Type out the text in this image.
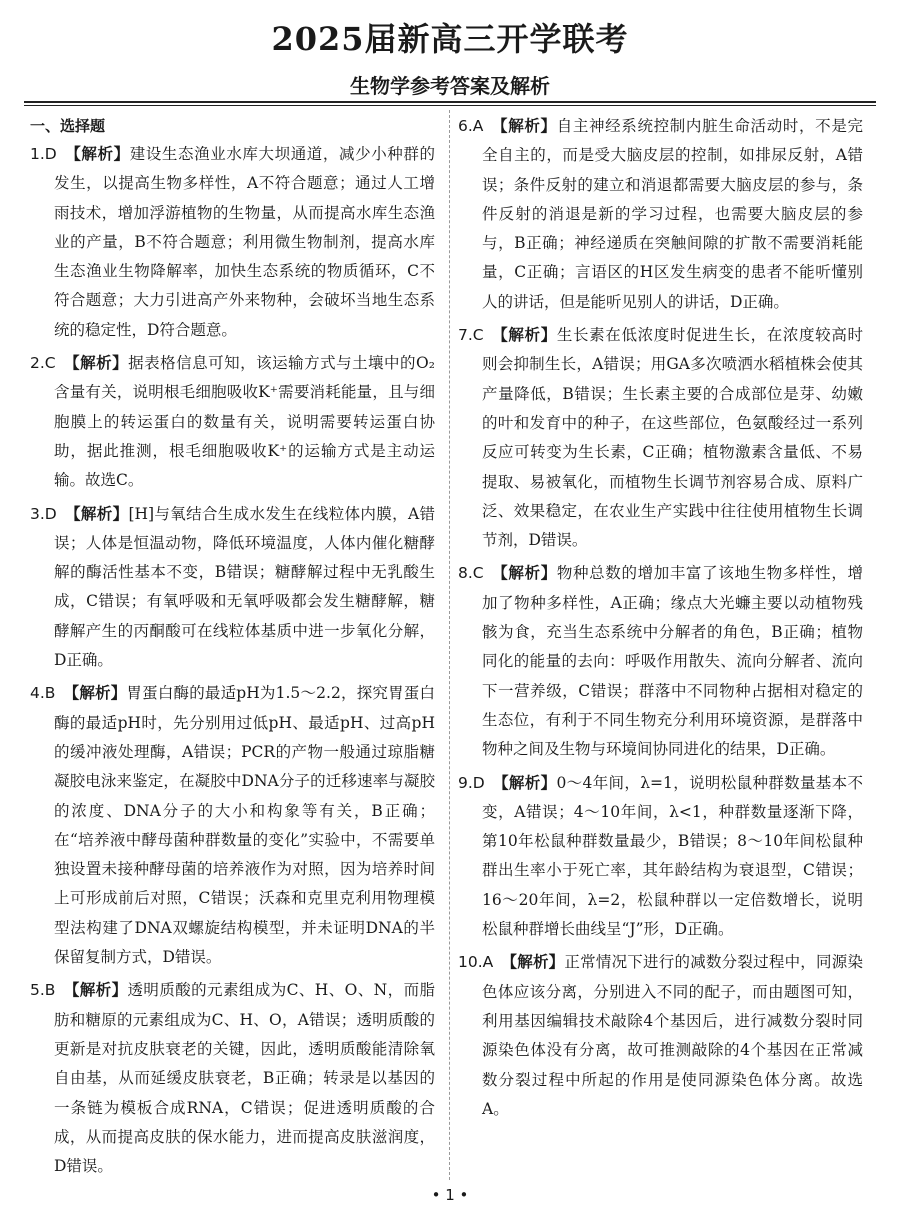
2025届新高三开学联考
生物学参考答案及解析
一、选择题
1.D 【解析】建设生态渔业水库大坝通道，减少小种群的发生，以提高生物多样性，A不符合题意；通过人工增雨技术，增加浮游植物的生物量，从而提高水库生态渔业的产量，B不符合题意；利用微生物制剂，提高水库生态渔业生物降解率，加快生态系统的物质循环，C不符合题意；大力引进高产外来物种，会破坏当地生态系统的稳定性，D符合题意。
2.C 【解析】据表格信息可知，该运输方式与土壤中的O₂含量有关，说明根毛细胞吸收K⁺需要消耗能量，且与细胞膜上的转运蛋白的数量有关，说明需要转运蛋白协助，据此推测，根毛细胞吸收K⁺的运输方式是主动运输。故选C。
3.D 【解析】[H]与氧结合生成水发生在线粒体内膜，A错误；人体是恒温动物，降低环境温度，人体内催化糖酵解的酶活性基本不变，B错误；糖酵解过程中无乳酸生成，C错误；有氧呼吸和无氧呼吸都会发生糖酵解，糖酵解产生的丙酮酸可在线粒体基质中进一步氧化分解，D正确。
4.B 【解析】胃蛋白酶的最适pH为1.5～2.2，探究胃蛋白酶的最适pH时，先分别用过低pH、最适pH、过高pH的缓冲液处理酶，A错误；PCR的产物一般通过琼脂糖凝胶电泳来鉴定，在凝胶中DNA分子的迁移速率与凝胶的浓度、DNA分子的大小和构象等有关，B正确；在“培养液中酵母菌种群数量的变化”实验中，不需要单独设置未接种酵母菌的培养液作为对照，因为培养时间上可形成前后对照，C错误；沃森和克里克利用物理模型法构建了DNA双螺旋结构模型，并未证明DNA的半保留复制方式，D错误。
5.B 【解析】透明质酸的元素组成为C、H、O、N，而脂肪和糖原的元素组成为C、H、O，A错误；透明质酸的更新是对抗皮肤衰老的关键，因此，透明质酸能清除氧自由基，从而延缓皮肤衰老，B正确；转录是以基因的一条链为模板合成RNA，C错误；促进透明质酸的合成，从而提高皮肤的保水能力，进而提高皮肤滋润度，D错误。
6.A 【解析】自主神经系统控制内脏生命活动时，不是完全自主的，而是受大脑皮层的控制，如排尿反射，A错误；条件反射的建立和消退都需要大脑皮层的参与，条件反射的消退是新的学习过程，也需要大脑皮层的参与，B正确；神经递质在突触间隙的扩散不需要消耗能量，C正确；言语区的H区发生病变的患者不能听懂别人的讲话，但是能听见别人的讲话，D正确。
7.C 【解析】生长素在低浓度时促进生长，在浓度较高时则会抑制生长，A错误；用GA多次喷洒水稻植株会使其产量降低，B错误；生长素主要的合成部位是芽、幼嫩的叶和发育中的种子，在这些部位，色氨酸经过一系列反应可转变为生长素，C正确；植物激素含量低、不易提取、易被氧化，而植物生长调节剂容易合成、原料广泛、效果稳定，在农业生产实践中往往使用植物生长调节剂，D错误。
8.C 【解析】物种总数的增加丰富了该地生物多样性，增加了物种多样性，A正确；缘点大光蠊主要以动植物残骸为食，充当生态系统中分解者的角色，B正确；植物同化的能量的去向：呼吸作用散失、流向分解者、流向下一营养级，C错误；群落中不同物种占据相对稳定的生态位，有利于不同生物充分利用环境资源，是群落中物种之间及生物与环境间协同进化的结果，D正确。
9.D 【解析】0～4年间，λ=1，说明松鼠种群数量基本不变，A错误；4～10年间，λ<1，种群数量逐渐下降，第10年松鼠种群数量最少，B错误；8～10年间松鼠种群出生率小于死亡率，其年龄结构为衰退型，C错误；16～20年间，λ=2，松鼠种群以一定倍数增长，说明松鼠种群增长曲线呈“J”形，D正确。
10.A 【解析】正常情况下进行的减数分裂过程中，同源染色体应该分离，分别进入不同的配子，而由题图可知，利用基因编辑技术敲除4个基因后，进行减数分裂时同源染色体没有分离，故可推测敲除的4个基因在正常减数分裂过程中所起的作用是使同源染色体分离。故选A。
• 1 •
